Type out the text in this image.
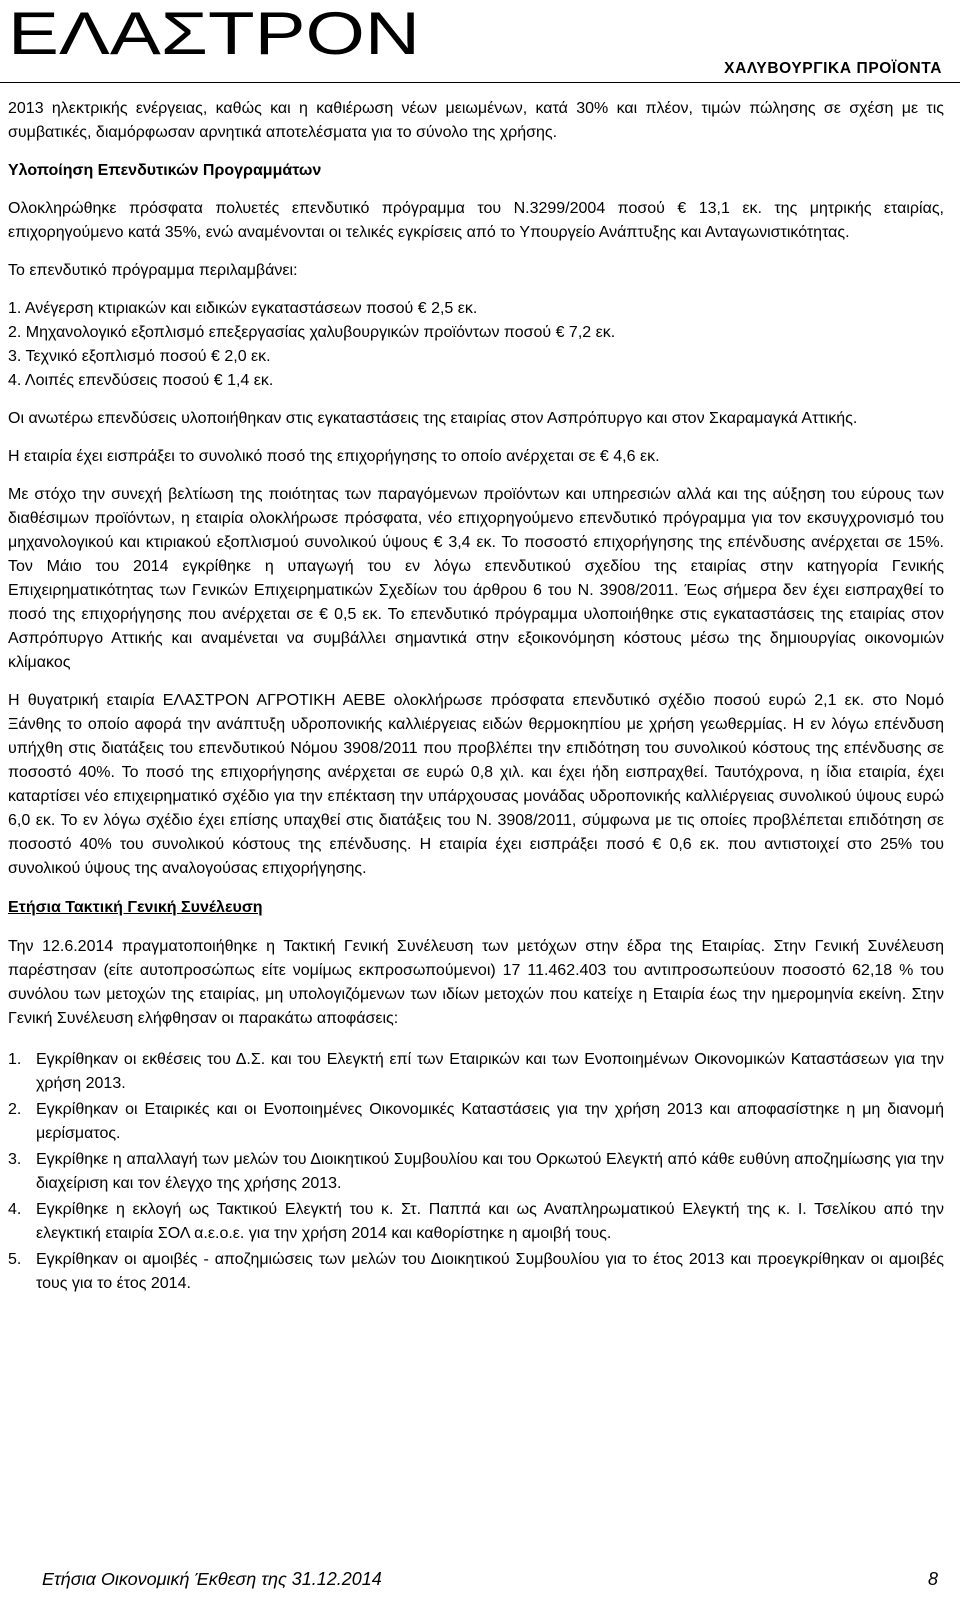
ΕΛΑΣΤΡΟΝ
ΧΑΛΥΒΟΥΡΓΙΚΑ ΠΡΟΪΟΝΤΑ

2013 ηλεκτρικής ενέργειας, καθώς και η καθιέρωση νέων μειωμένων, κατά 30% και πλέον, τιμών πώλησης σε σχέση με τις συμβατικές, διαμόρφωσαν αρνητικά αποτελέσματα για το σύνολο της χρήσης.

Υλοποίηση Επενδυτικών Προγραμμάτων

Ολοκληρώθηκε πρόσφατα πολυετές επενδυτικό πρόγραμμα του Ν.3299/2004 ποσού € 13,1 εκ. της μητρικής εταιρίας, επιχορηγούμενο κατά 35%, ενώ αναμένονται οι τελικές εγκρίσεις από το Υπουργείο Ανάπτυξης και Ανταγωνιστικότητας.

Το επενδυτικό πρόγραμμα περιλαμβάνει:

1. Ανέγερση κτιριακών και ειδικών εγκαταστάσεων ποσού € 2,5 εκ.

2. Μηχανολογικό εξοπλισμό επεξεργασίας χαλυβουργικών προϊόντων ποσού € 7,2 εκ.

3. Τεχνικό εξοπλισμό ποσού € 2,0 εκ.

4. Λοιπές επενδύσεις ποσού € 1,4 εκ.

Οι ανωτέρω επενδύσεις υλοποιήθηκαν στις εγκαταστάσεις της εταιρίας στον Ασπρόπυργο και στον Σκαραμαγκά Αττικής.

Η εταιρία έχει εισπράξει το συνολικό ποσό της επιχορήγησης το οποίο ανέρχεται σε € 4,6 εκ.

Με στόχο την συνεχή βελτίωση της ποιότητας των παραγόμενων προϊόντων και υπηρεσιών αλλά και της αύξηση του εύρους των διαθέσιμων προϊόντων, η εταιρία ολοκλήρωσε πρόσφατα, νέο επιχορηγούμενο επενδυτικό πρόγραμμα για τον εκσυγχρονισμό του μηχανολογικού και κτιριακού εξοπλισμού συνολικού ύψους € 3,4 εκ. Το ποσοστό επιχορήγησης της επένδυσης ανέρχεται σε 15%. Τον Μάιο του 2014 εγκρίθηκε η υπαγωγή του εν λόγω επενδυτικού σχεδίου της εταιρίας στην κατηγορία Γενικής Επιχειρηματικότητας των Γενικών Επιχειρηματικών Σχεδίων του άρθρου 6 του Ν. 3908/2011. Έως σήμερα δεν έχει εισπραχθεί το ποσό της επιχορήγησης που ανέρχεται σε € 0,5 εκ. Το επενδυτικό πρόγραμμα υλοποιήθηκε στις εγκαταστάσεις της εταιρίας στον Ασπρόπυργο Αττικής και αναμένεται να συμβάλλει σημαντικά στην εξοικονόμηση κόστους μέσω της δημιουργίας οικονομιών κλίμακος

Η θυγατρική εταιρία ΕΛΑΣΤΡΟΝ ΑΓΡΟΤΙΚΗ ΑΕΒΕ ολοκλήρωσε πρόσφατα επενδυτικό σχέδιο ποσού ευρώ 2,1 εκ. στο Νομό Ξάνθης το οποίο αφορά την ανάπτυξη υδροπονικής καλλιέργειας ειδών θερμοκηπίου με χρήση γεωθερμίας. Η εν λόγω επένδυση υπήχθη στις διατάξεις του επενδυτικού Νόμου 3908/2011 που προβλέπει την επιδότηση του συνολικού κόστους της επένδυσης σε ποσοστό 40%. Το ποσό της επιχορήγησης ανέρχεται σε ευρώ 0,8 χιλ. και έχει ήδη εισπραχθεί. Ταυτόχρονα, η ίδια εταιρία, έχει καταρτίσει νέο επιχειρηματικό σχέδιο για την επέκταση την υπάρχουσας μονάδας υδροπονικής καλλιέργειας συνολικού ύψους ευρώ 6,0 εκ. Το εν λόγω σχέδιο έχει επίσης υπαχθεί στις διατάξεις του Ν. 3908/2011, σύμφωνα με τις οποίες προβλέπεται επιδότηση σε ποσοστό 40% του συνολικού κόστους της επένδυσης. Η εταιρία έχει εισπράξει ποσό € 0,6 εκ. που αντιστοιχεί στο 25% του συνολικού ύψους της αναλογούσας επιχορήγησης.

Ετήσια Τακτική Γενική Συνέλευση

Την 12.6.2014 πραγματοποιήθηκε η Τακτική Γενική Συνέλευση των μετόχων στην έδρα της Εταιρίας. Στην Γενική Συνέλευση παρέστησαν (είτε αυτοπροσώπως είτε νομίμως εκπροσωπούμενοι) 17 11.462.403 του αντιπροσωπεύουν ποσοστό 62,18 % του συνόλου των μετοχών της εταιρίας, μη υπολογιζόμενων των ιδίων μετοχών που κατείχε η Εταιρία έως την ημερομηνία εκείνη. Στην Γενική Συνέλευση ελήφθησαν οι παρακάτω αποφάσεις:

1. Εγκρίθηκαν οι εκθέσεις του Δ.Σ. και του Ελεγκτή επί των Εταιρικών και των Ενοποιημένων Οικονομικών Καταστάσεων για την χρήση 2013.
2. Εγκρίθηκαν οι Εταιρικές και οι Ενοποιημένες Οικονομικές Καταστάσεις για την χρήση 2013 και αποφασίστηκε η μη διανομή μερίσματος.
3. Εγκρίθηκε η απαλλαγή των μελών του Διοικητικού Συμβουλίου και του Ορκωτού Ελεγκτή από κάθε ευθύνη αποζημίωσης για την διαχείριση και τον έλεγχο της χρήσης 2013.
4. Εγκρίθηκε η εκλογή ως Τακτικού Ελεγκτή του κ. Στ. Παππά και ως Αναπληρωματικού Ελεγκτή της κ. Ι. Τσελίκου από την ελεγκτική εταιρία ΣΟΛ α.ε.ο.ε. για την χρήση 2014 και καθορίστηκε η αμοιβή τους.
5. Εγκρίθηκαν οι αμοιβές - αποζημιώσεις των μελών του Διοικητικού Συμβουλίου για το έτος 2013 και προεγκρίθηκαν οι αμοιβές τους για το έτος 2014.
Ετήσια Οικονομική Έκθεση της 31.12.2014	8
